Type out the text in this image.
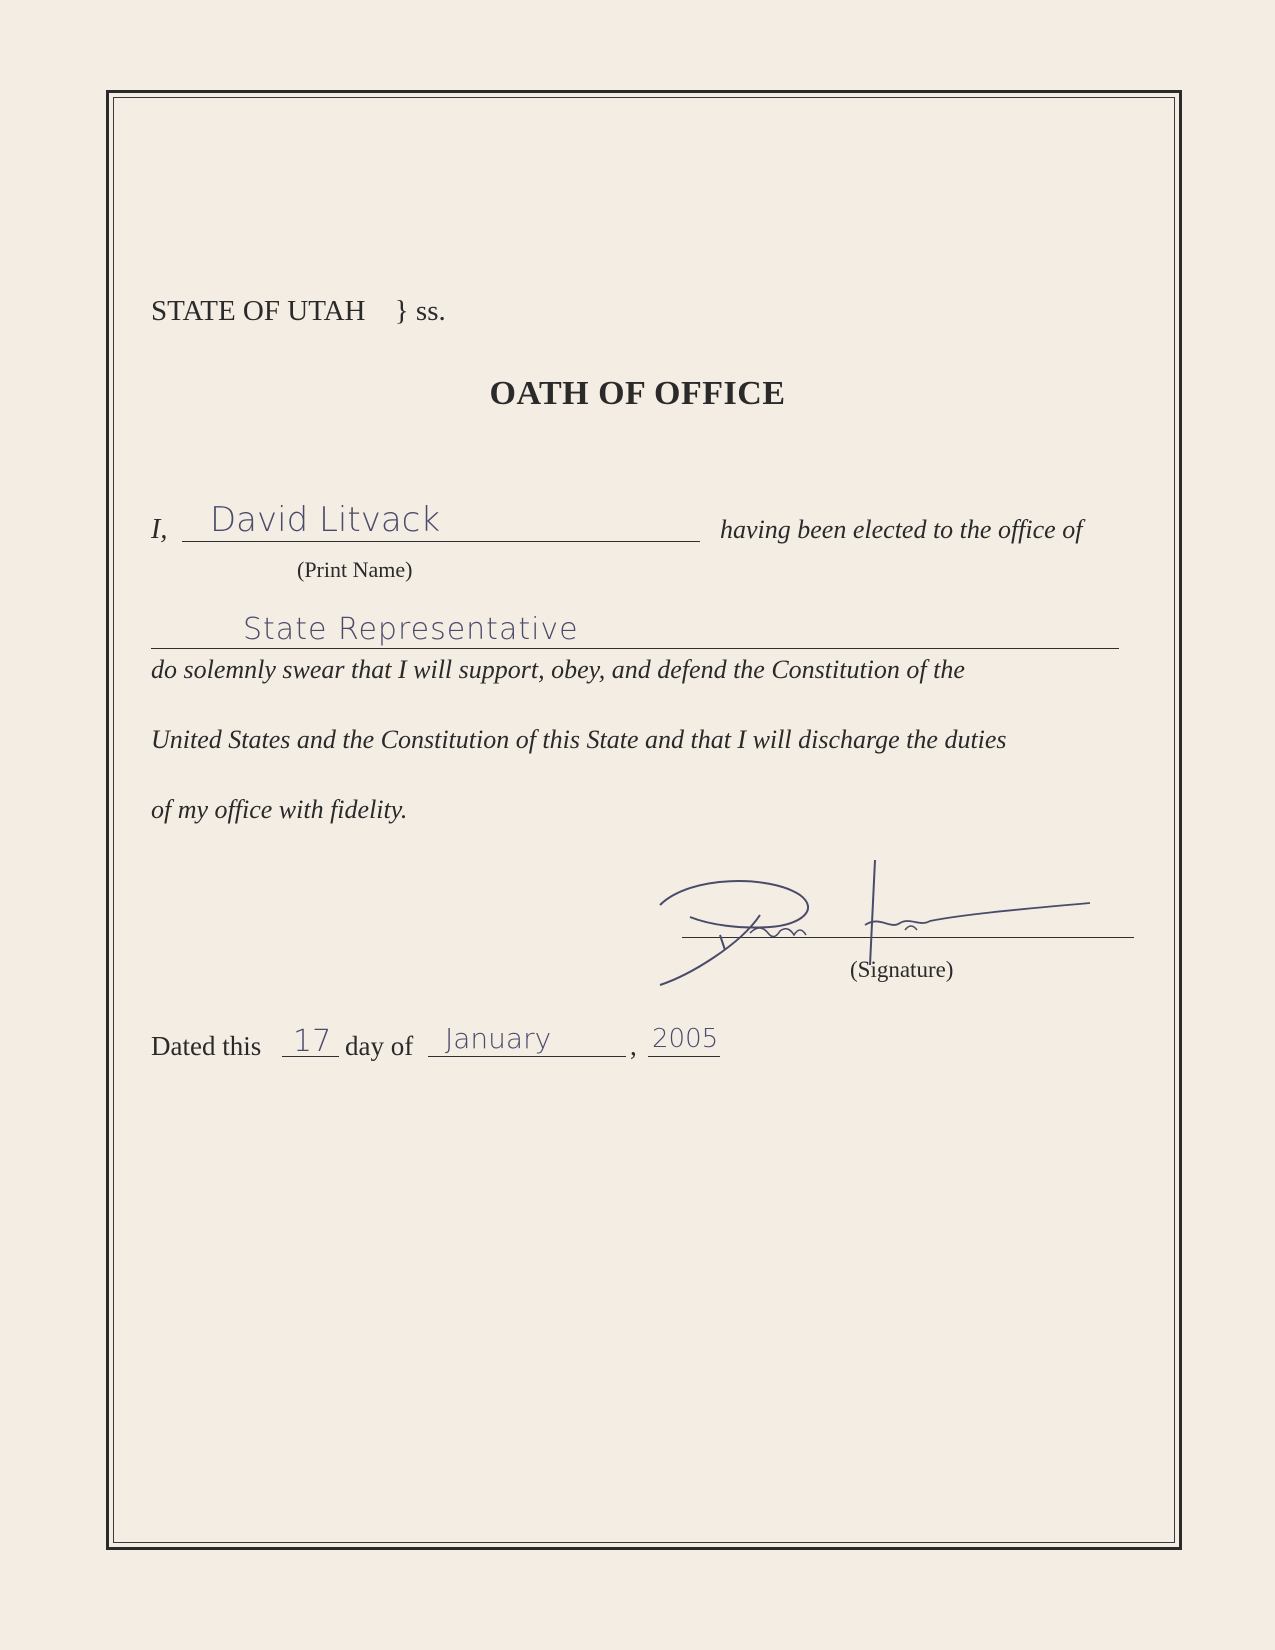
STATE OF UTAH } ss.
OATH OF OFFICE
I, David Litvack	having been elected to the office of
(Print Name)
State Representative
do solemnly swear that I will support, obey, and defend the Constitution of the
United States and the Constitution of this State and that I will discharge the duties
of my office with fidelity.
(Signature)
Dated this 17 day of January	, 2005
